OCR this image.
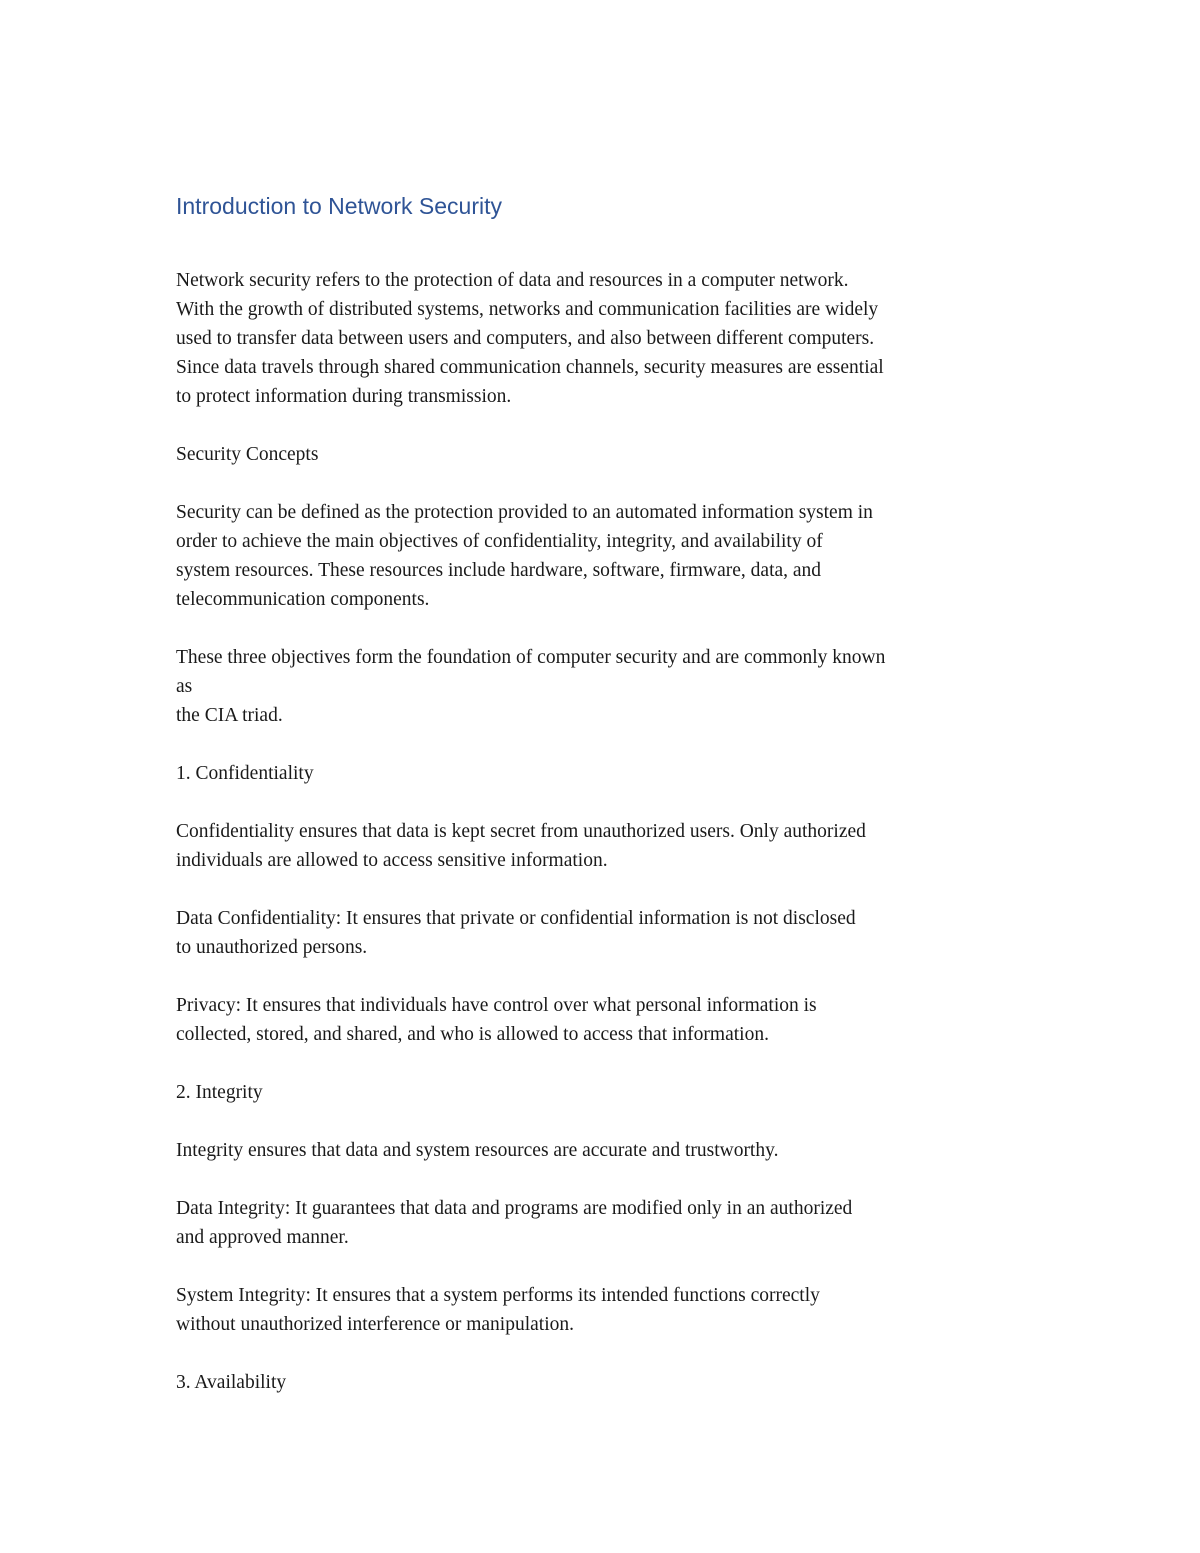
Introduction to Network Security
Network security refers to the protection of data and resources in a computer network.
With the growth of distributed systems, networks and communication facilities are widely
used to transfer data between users and computers, and also between different computers.
Since data travels through shared communication channels, security measures are essential
to protect information during transmission.
Security Concepts
Security can be defined as the protection provided to an automated information system in
order to achieve the main objectives of confidentiality, integrity, and availability of
system resources. These resources include hardware, software, firmware, data, and
telecommunication components.
These three objectives form the foundation of computer security and are commonly known
as
the CIA triad.
1. Confidentiality
Confidentiality ensures that data is kept secret from unauthorized users. Only authorized
individuals are allowed to access sensitive information.
Data Confidentiality: It ensures that private or confidential information is not disclosed
to unauthorized persons.
Privacy: It ensures that individuals have control over what personal information is
collected, stored, and shared, and who is allowed to access that information.
2. Integrity
Integrity ensures that data and system resources are accurate and trustworthy.
Data Integrity: It guarantees that data and programs are modified only in an authorized
and approved manner.
System Integrity: It ensures that a system performs its intended functions correctly
without unauthorized interference or manipulation.
3. Availability
